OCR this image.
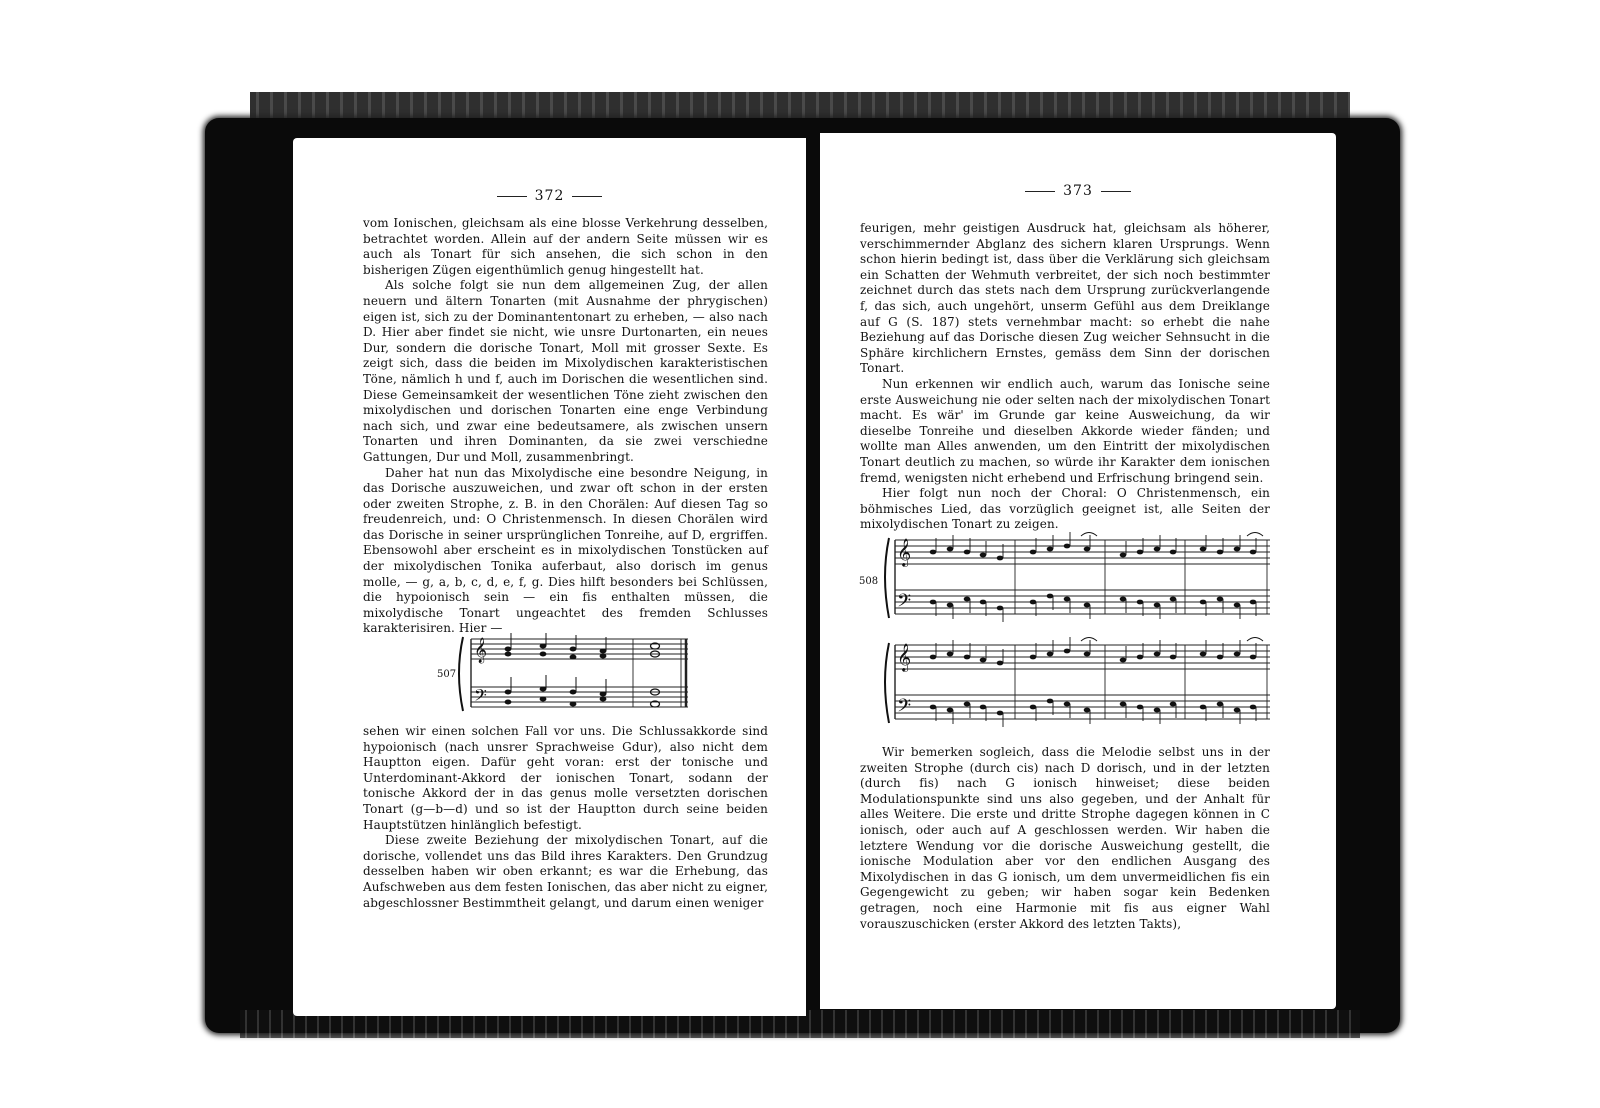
372

vom Ionischen, gleichsam als eine blosse Verkehrung desselben, betrachtet worden. Allein auf der andern Seite müssen wir es auch als Tonart für sich ansehen, die sich schon in den bisherigen Zügen eigenthümlich genug hingestellt hat.

Als solche folgt sie nun dem allgemeinen Zug, der allen neuern und ältern Tonarten (mit Ausnahme der phrygischen) eigen ist, sich zu der Dominantentonart zu erheben, — also nach D. Hier aber findet sie nicht, wie unsre Durtonarten, ein neues Dur, sondern die dorische Tonart, Moll mit grosser Sexte. Es zeigt sich, dass die beiden im Mixolydischen karakteristischen Töne, nämlich h und f, auch im Dorischen die wesentlichen sind. Diese Gemeinsamkeit der wesentlichen Töne zieht zwischen den mixolydischen und dorischen Tonarten eine enge Verbindung nach sich, und zwar eine bedeutsamere, als zwischen unsern Tonarten und ihren Dominanten, da sie zwei verschiedne Gattungen, Dur und Moll, zusammenbringt.

Daher hat nun das Mixolydische eine besondre Neigung, in das Dorische auszuweichen, und zwar oft schon in der ersten oder zweiten Strophe, z. B. in den Chorälen: Auf diesen Tag so freudenreich, und: O Christenmensch. In diesen Chorälen wird das Dorische in seiner ursprünglichen Tonreihe, auf D, ergriffen. Ebensowohl aber erscheint es in mixolydischen Tonstücken auf der mixolydischen Tonika auferbaut, also dorisch im genus molle, — g, a, b, c, d, e, f, g. Dies hilft besonders bei Schlüssen, die hypoionisch sein — ein fis enthalten müssen, die mixolydische Tonart ungeachtet des fremden Schlusses karakterisiren. Hier —

507
𝄞
𝄢

sehen wir einen solchen Fall vor uns. Die Schlussakkorde sind hypoionisch (nach unsrer Sprachweise Gdur), also nicht dem Hauptton eigen. Dafür geht voran: erst der tonische und Unterdominant-Akkord der ionischen Tonart, sodann der tonische Akkord der in das genus molle versetzten dorischen Tonart (g—b—d) und so ist der Hauptton durch seine beiden Hauptstützen hinlänglich befestigt.

Diese zweite Beziehung der mixolydischen Tonart, auf die dorische, vollendet uns das Bild ihres Karakters. Den Grundzug desselben haben wir oben erkannt; es war die Erhebung, das Aufschweben aus dem festen Ionischen, das aber nicht zu eigner, abgeschlossner Bestimmtheit gelangt, und darum einen weniger

373

feurigen, mehr geistigen Ausdruck hat, gleichsam als höherer, verschimmernder Abglanz des sichern klaren Ursprungs. Wenn schon hierin bedingt ist, dass über die Verklärung sich gleichsam ein Schatten der Wehmuth verbreitet, der sich noch bestimmter zeichnet durch das stets nach dem Ursprung zurückverlangende f, das sich, auch ungehört, unserm Gefühl aus dem Dreiklange auf G (S. 187) stets vernehmbar macht: so erhebt die nahe Beziehung auf das Dorische diesen Zug weicher Sehnsucht in die Sphäre kirchlichern Ernstes, gemäss dem Sinn der dorischen Tonart.

Nun erkennen wir endlich auch, warum das Ionische seine erste Ausweichung nie oder selten nach der mixolydischen Tonart macht. Es wär' im Grunde gar keine Ausweichung, da wir dieselbe Tonreihe und dieselben Akkorde wieder fänden; und wollte man Alles anwenden, um den Eintritt der mixolydischen Tonart deutlich zu machen, so würde ihr Karakter dem ionischen fremd, wenigsten nicht erhebend und Erfrischung bringend sein.

Hier folgt nun noch der Choral: O Christenmensch, ein böhmisches Lied, das vorzüglich geeignet ist, alle Seiten der mixolydischen Tonart zu zeigen.

508
𝄞
𝄢

Wir bemerken sogleich, dass die Melodie selbst uns in der zweiten Strophe (durch cis) nach D dorisch, und in der letzten (durch fis) nach G ionisch hinweiset; diese beiden Modulationspunkte sind uns also gegeben, und der Anhalt für alles Weitere. Die erste und dritte Strophe dagegen können in C ionisch, oder auch auf A geschlossen werden. Wir haben die letztere Wendung vor die dorische Ausweichung gestellt, die ionische Modulation aber vor den endlichen Ausgang des Mixolydischen in das G ionisch, um dem unvermeidlichen fis ein Gegengewicht zu geben; wir haben sogar kein Bedenken getragen, noch eine Harmonie mit fis aus eigner Wahl vorauszuschicken (erster Akkord des letzten Takts),
